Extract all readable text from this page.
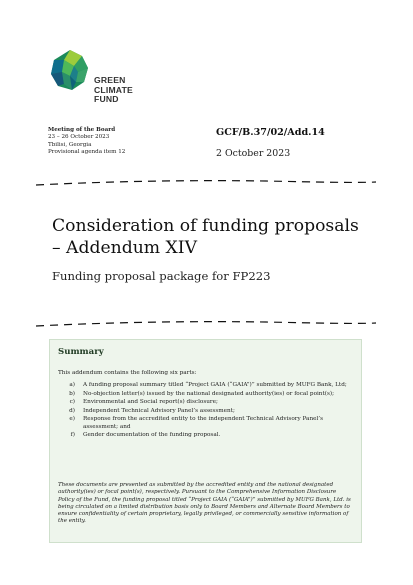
GREEN
CLIMATE
FUND
Meeting of the Board
23 – 26 October 2023
Tbilisi, Georgia
Provisional agenda item 12
GCF/B.37/02/Add.14
2 October 2023
Consideration of funding proposals – Addendum XIV
Funding proposal package for FP223
Summary
This addendum contains the following six parts:
a)	A funding proposal summary titled “Project GAIA (“GAIA”)” submitted by MUFG Bank, Ltd;
b)	No-objection letter(s) issued by the national designated authority(ies) or focal point(s);
c)	Environmental and Social report(s) disclosure;
d)	Independent Technical Advisory Panel’s assessment;
e)	Response from the accredited entity to the independent Technical Advisory Panel’s assessment; and
f)	Gender documentation of the funding proposal.
These documents are presented as submitted by the accredited entity and the national designated authority(ies) or focal point(s), respectively. Pursuant to the Comprehensive Information Disclosure Policy of the Fund, the funding proposal titled “Project GAIA (“GAIA”)” submitted by MUFG Bank, Ltd. is being circulated on a limited distribution basis only to Board Members and Alternate Board Members to ensure confidentiality of certain proprietary, legally privileged, or commercially sensitive information of the entity.
